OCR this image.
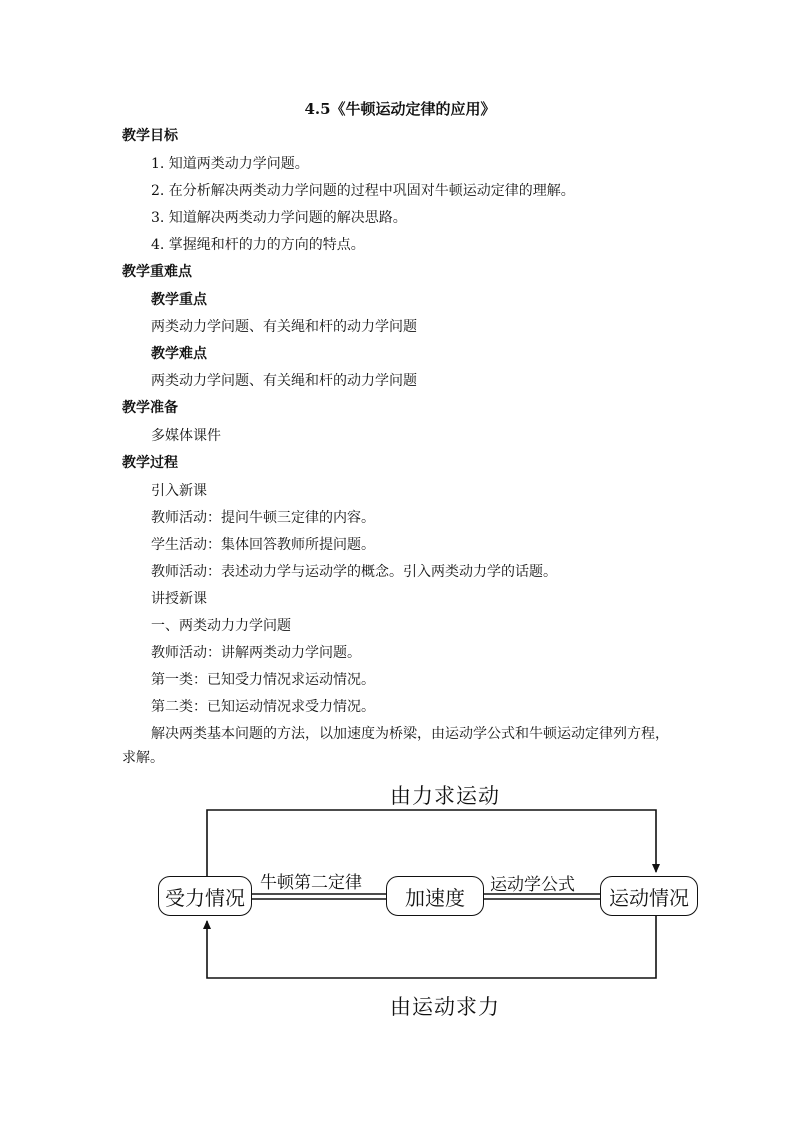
4.5《牛顿运动定律的应用》
教学目标
1. 知道两类动力学问题。
2. 在分析解决两类动力学问题的过程中巩固对牛顿运动定律的理解。
3. 知道解决两类动力学问题的解决思路。
4. 掌握绳和杆的力的方向的特点。
教学重难点
教学重点
两类动力学问题、有关绳和杆的动力学问题
教学难点
两类动力学问题、有关绳和杆的动力学问题
教学准备
多媒体课件
教学过程
引入新课
教师活动：提问牛顿三定律的内容。
学生活动：集体回答教师所提问题。
教师活动：表述动力学与运动学的概念。引入两类动力学的话题。
讲授新课
一、两类动力力学问题
教师活动：讲解两类动力学问题。
第一类：已知受力情况求运动情况。
第二类：已知运动情况求受力情况。
解决两类基本问题的方法，以加速度为桥梁，由运动学公式和牛顿运动定律列方程，求解。
由力求运动
由运动求力
受力情况	加速度	运动情况
牛顿第二定律	运动学公式
